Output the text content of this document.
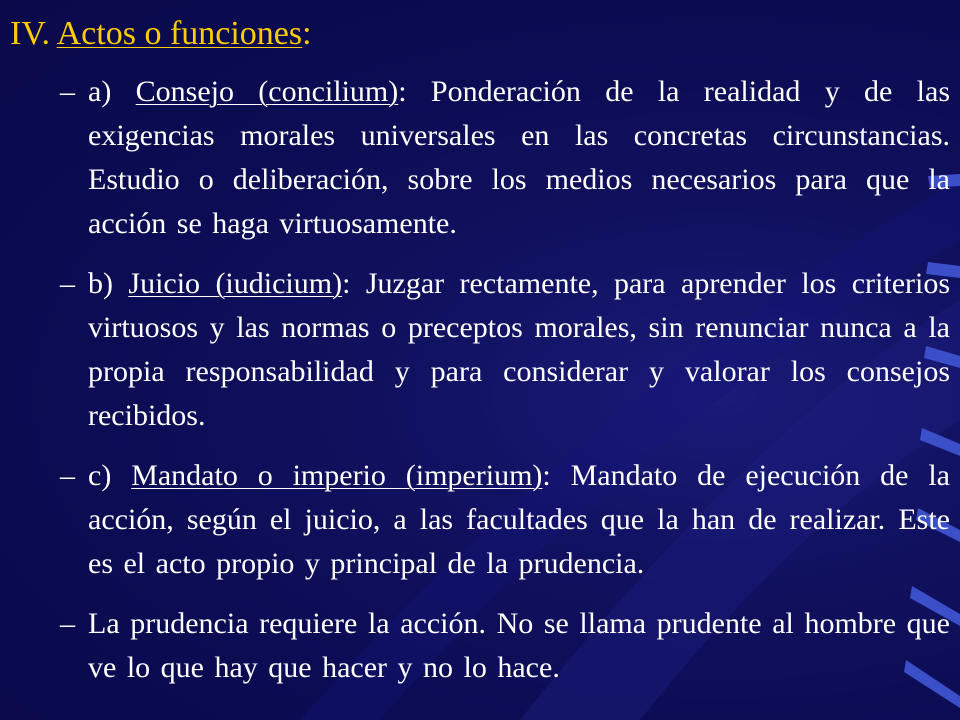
IV. Actos o funciones:
– a) Consejo (concilium): Ponderación de la realidad y de las exigencias morales universales en las concretas circunstancias. Estudio o deliberación, sobre los medios necesarios para que la acción se haga virtuosamente.
– b) Juicio (iudicium): Juzgar rectamente, para aprender los criterios virtuosos y las normas o preceptos morales, sin renunciar nunca a la propia responsabilidad y para considerar y valorar los consejos recibidos.
– c) Mandato o imperio (imperium): Mandato de ejecución de la acción, según el juicio, a las facultades que la han de realizar. Este es el acto propio y principal de la prudencia.
– La prudencia requiere la acción. No se llama prudente al hombre que ve lo que hay que hacer y no lo hace.
